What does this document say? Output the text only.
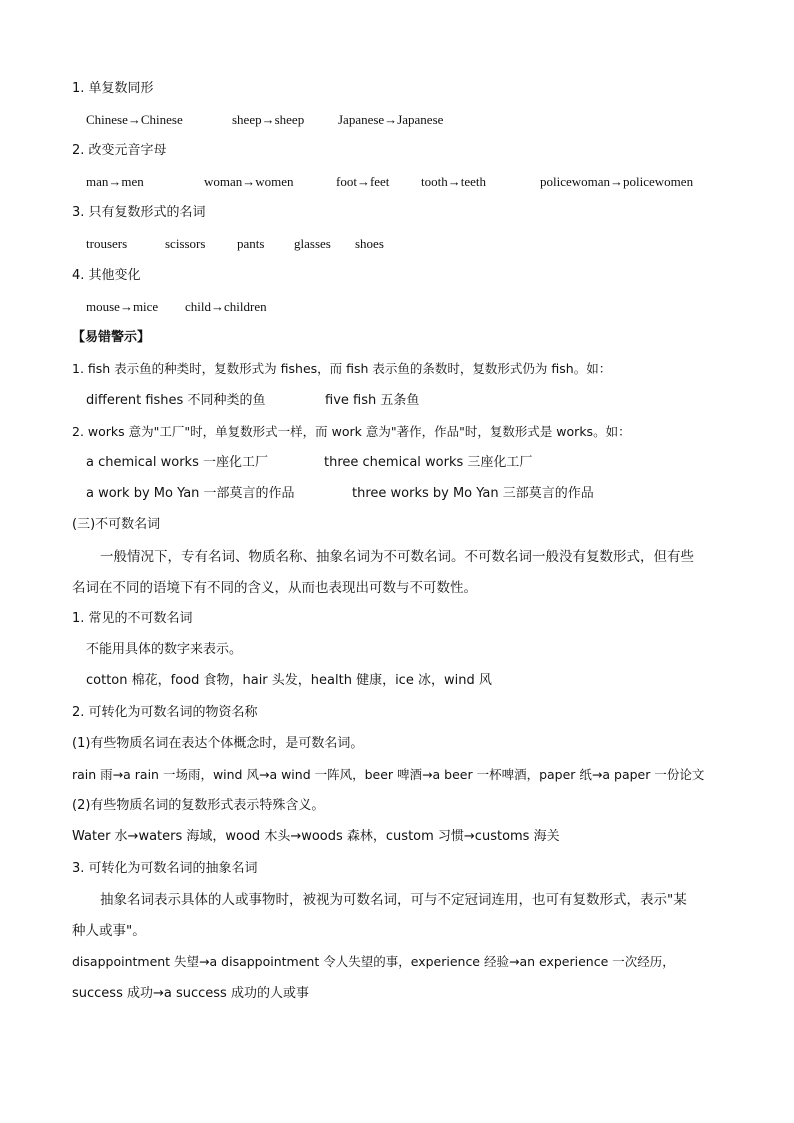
1. 单复数同形
Chinese→Chinese	sheep→sheep	Japanese→Japanese
2. 改变元音字母
man→men	woman→women	foot→feet tooth→teeth	policewoman→policewomen
3. 只有复数形式的名词
trousers	scissors pants glasses shoes
4. 其他变化
mouse→mice child→children
【易错警示】
1. fish 表示鱼的种类时，复数形式为 fishes，而 fish 表示鱼的条数时，复数形式仍为 fish。如：
different fishes 不同种类的鱼	five fish 五条鱼
2. works 意为"工厂"时，单复数形式一样，而 work 意为"著作，作品"时，复数形式是 works。如：
a chemical works 一座化工厂	three chemical works 三座化工厂
a work by Mo Yan 一部莫言的作品	three works by Mo Yan 三部莫言的作品
(三)不可数名词
一般情况下，专有名词、物质名称、抽象名词为不可数名词。不可数名词一般没有复数形式，但有些
名词在不同的语境下有不同的含义，从而也表现出可数与不可数性。
1. 常见的不可数名词
不能用具体的数字来表示。
cotton 棉花，food 食物，hair 头发，health 健康，ice 冰，wind 风
2. 可转化为可数名词的物资名称
(1)有些物质名词在表达个体概念时，是可数名词。
rain 雨→a rain 一场雨，wind 风→a wind 一阵风，beer 啤酒→a beer 一杯啤酒，paper 纸→a paper 一份论文
(2)有些物质名词的复数形式表示特殊含义。
Water 水→waters 海域，wood 木头→woods 森林，custom 习惯→customs 海关
3. 可转化为可数名词的抽象名词
抽象名词表示具体的人或事物时，被视为可数名词，可与不定冠词连用，也可有复数形式，表示"某
种人或事"。
disappointment 失望→a disappointment 令人失望的事，experience 经验→an experience 一次经历，
success 成功→a success 成功的人或事
